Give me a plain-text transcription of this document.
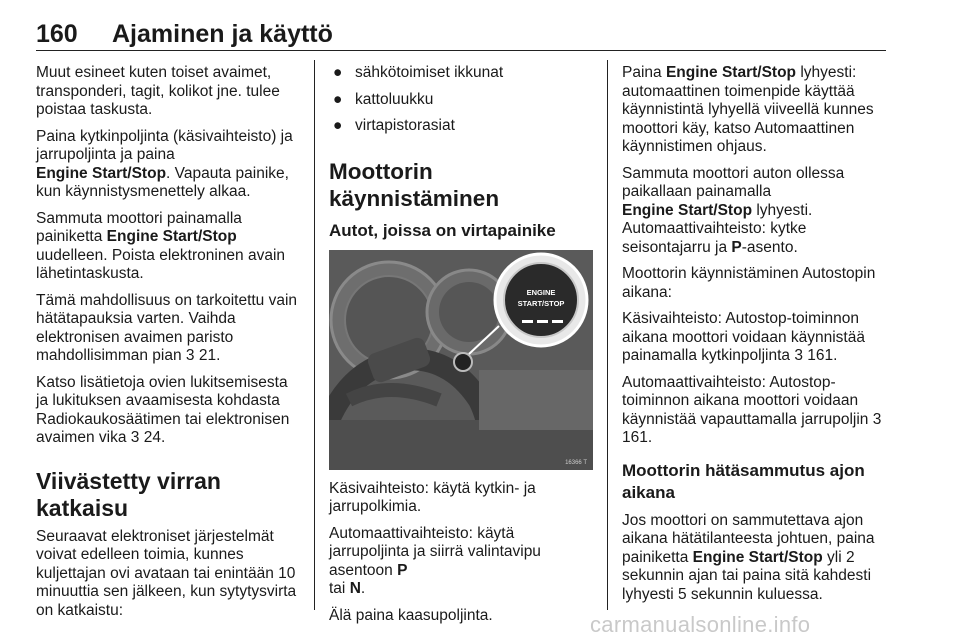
160 Ajaminen ja käyttö

Muut esineet kuten toiset avaimet, transponderi, tagit, kolikot jne. tulee poistaa taskusta.

Paina kytkinpoljinta (käsivaihteisto) ja jarrupoljinta ja paina
Engine Start/Stop. Vapauta painike, kun käynnistysmenettely alkaa.

Sammuta moottori painamalla painiketta Engine Start/Stop uudelleen. Poista elektroninen avain lähetintaskusta.

Tämä mahdollisuus on tarkoitettu vain hätätapauksia varten. Vaihda elektronisen avaimen paristo mahdollisimman pian 3 21.

Katso lisätietoja ovien lukitsemisesta ja lukituksen avaamisesta kohdasta Radiokaukosäätimen tai elektronisen avaimen vika 3 24.

Viivästetty virran katkaisu

Seuraavat elektroniset järjestelmät voivat edelleen toimia, kunnes kuljettajan ovi avataan tai enintään 10 minuuttia sen jälkeen, kun sytytysvirta on katkaistu:

● sähkötoimiset ikkunat
● kattoluukku
● virtapistorasiat
Moottorin käynnistäminen
Autot, joissa on virtapainike
ENGINE
START/STOP
16366 T

Käsivaihteisto: käytä kytkin- ja jarrupolkimia.

Automaattivaihteisto: käytä jarrupoljinta ja siirrä valintavipu asentoon P
tai N.

Älä paina kaasupoljinta.

Paina Engine Start/Stop lyhyesti: automaattinen toimenpide käyttää käynnistintä lyhyellä viiveellä kunnes moottori käy, katso Automaattinen käynnistimen ohjaus.

Sammuta moottori auton ollessa paikallaan painamalla
Engine Start/Stop lyhyesti. Automaattivaihteisto: kytke seisontajarru ja P-asento.

Moottorin käynnistäminen Autostopin aikana:

Käsivaihteisto: Autostop-toiminnon aikana moottori voidaan käynnistää painamalla kytkinpoljinta 3 161.

Automaattivaihteisto: Autostop-toiminnon aikana moottori voidaan käynnistää vapauttamalla jarrupoljin 3 161.

Moottorin hätäsammutus ajon aikana

Jos moottori on sammutettava ajon aikana hätätilanteesta johtuen, paina painiketta Engine Start/Stop yli 2 sekunnin ajan tai paina sitä kahdesti lyhyesti 5 sekunnin kuluessa.

carmanualsonline.info
